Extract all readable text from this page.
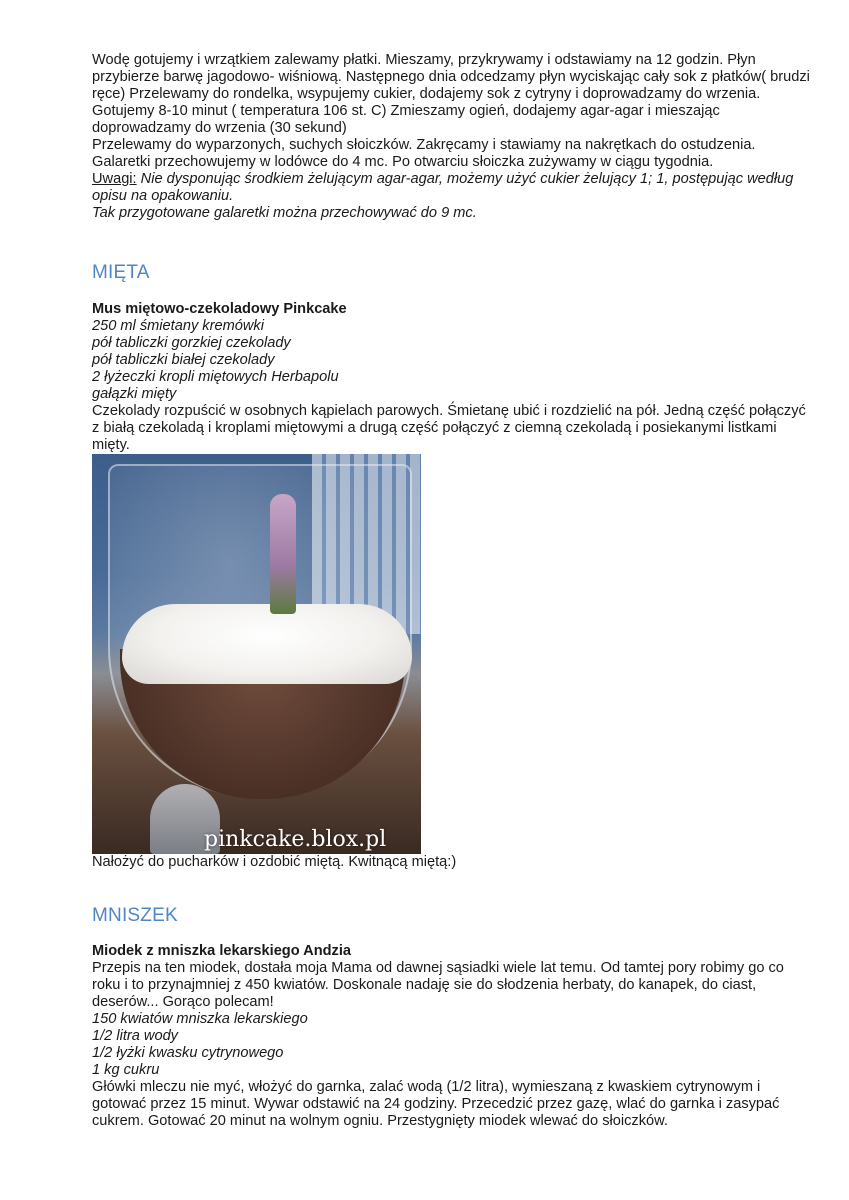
Wodę gotujemy i wrzątkiem zalewamy płatki. Mieszamy, przykrywamy i odstawiamy na 12 godzin. Płyn przybierze barwę jagodowo- wiśniową. Następnego dnia odcedzamy płyn wyciskając cały sok z płatków( brudzi ręce) Przelewamy do rondelka, wsypujemy cukier, dodajemy sok z cytryny i doprowadzamy do wrzenia. Gotujemy 8-10 minut ( temperatura 106 st. C) Zmieszamy ogień, dodajemy agar-agar i mieszając doprowadzamy do wrzenia (30 sekund)

Przelewamy do wyparzonych, suchych słoiczków. Zakręcamy i stawiamy na nakrętkach do ostudzenia.

Galaretki przechowujemy w lodówce do 4 mc. Po otwarciu słoiczka zużywamy w ciągu tygodnia.

Uwagi: Nie dysponując środkiem żelującym agar-agar, możemy użyć cukier żelujący 1; 1, postępując według opisu na opakowaniu.

Tak przygotowane galaretki można przechowywać do 9 mc.

MIĘTA

Mus miętowo-czekoladowy Pinkcake

250 ml śmietany kremówki

pół tabliczki gorzkiej czekolady

pół tabliczki białej czekolady

2 łyżeczki kropli miętowych Herbapolu

gałązki mięty

Czekolady rozpuścić w osobnych kąpielach parowych. Śmietanę ubić i rozdzielić na pół. Jedną część połączyć z białą czekoladą i kroplami miętowymi a drugą część połączyć z ciemną czekoladą i posiekanymi listkami mięty.

pinkcake.blox.pl

Nałożyć do pucharków i ozdobić miętą. Kwitnącą miętą:)

MNISZEK

Miodek z mniszka lekarskiego Andzia

Przepis na ten miodek, dostała moja Mama od dawnej sąsiadki wiele lat temu. Od tamtej pory robimy go co roku i to przynajmniej z 450 kwiatów. Doskonale nadaję sie do słodzenia herbaty, do kanapek, do ciast, deserów... Gorąco polecam!

150 kwiatów mniszka lekarskiego

1/2 litra wody

1/2 łyżki kwasku cytrynowego

1 kg cukru

Główki mleczu nie myć, włożyć do garnka, zalać wodą (1/2 litra), wymieszaną z kwaskiem cytrynowym i gotować przez 15 minut. Wywar odstawić na 24 godziny. Przecedzić przez gazę, wlać do garnka i zasypać cukrem. Gotować 20 minut na wolnym ogniu. Przestygnięty miodek wlewać do słoiczków.
